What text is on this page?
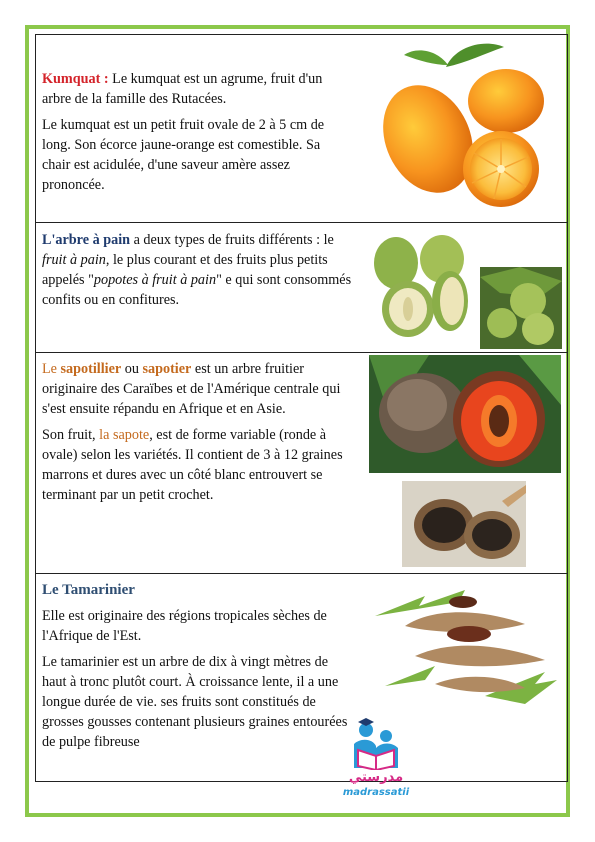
Kumquat : Le kumquat est un agrume, fruit d'un arbre de la famille des Rutacées.

Le kumquat est un petit fruit ovale de 2 à 5 cm de long. Son écorce jaune-orange est comestible. Sa chair est acidulée, d'une saveur amère assez prononcée.

L'arbre à pain a deux types de fruits différents : le fruit à pain, le plus courant et des fruits plus petits appelés "popotes à fruit à pain" e qui sont consommés confits ou en confitures.

Le sapotillier ou sapotier est un arbre fruitier originaire des Caraïbes et de l'Amérique centrale qui s'est ensuite répandu en Afrique et en Asie.

Son fruit, la sapote, est de forme variable (ronde à ovale) selon les variétés. Il contient de 3 à 12 graines marrons et dures avec un côté blanc entrouvert se terminant par un petit crochet.

Le Tamarinier

Elle est originaire des régions tropicales sèches de l'Afrique de l'Est.

Le tamarinier est un arbre de dix à vingt mètres de haut à tronc plutôt court. À croissance lente, il a une longue durée de vie. ses fruits sont constitués de grosses gousses contenant plusieurs graines entourées de pulpe fibreuse

مدرستي
madrassatii
